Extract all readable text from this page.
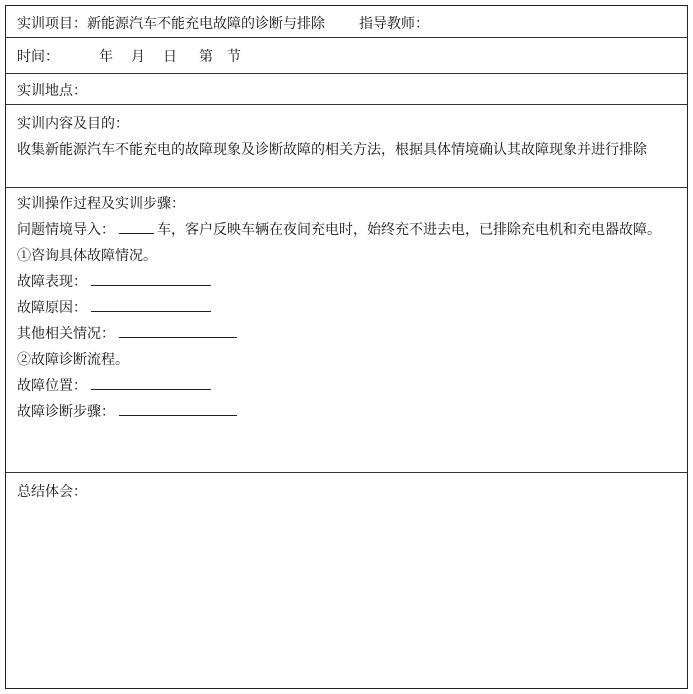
实训项目：新能源汽车不能充电故障的诊断与排除 指导教师：
时间：	年 月 日 第 节
实训地点：
实训内容及目的：
收集新能源汽车不能充电的故障现象及诊断故障的相关方法，根据具体情境确认其故障现象并进行排除
实训操作过程及实训步骤：
问题情境导入：	车，客户反映车辆在夜间充电时，始终充不进去电，已排除充电机和充电器故障。
①咨询具体故障情况。
故障表现：
故障原因：
其他相关情况：
②故障诊断流程。
故障位置：
故障诊断步骤：
总结体会：
